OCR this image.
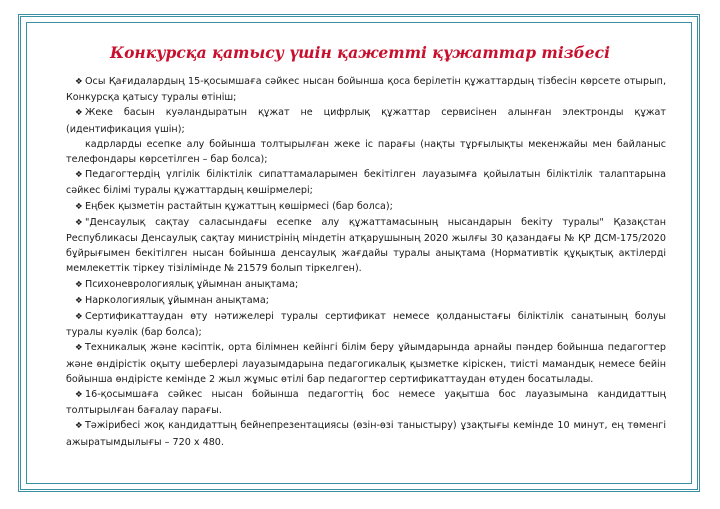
Конкурсқа қатысу үшін қажетті құжаттар тізбесі

❖ Осы Қағидалардың 15-қосымшаға сәйкес нысан бойынша қоса берілетін құжаттардың тізбесін көрсете отырып, Конкурсқа қатысу туралы өтініш;

❖ Жеке басын куәландыратын құжат не цифрлық құжаттар сервисінен алынған электронды құжат (идентификация үшін);

кадрларды есепке алу бойынша толтырылған жеке іс парағы (нақты тұрғылықты мекенжайы мен байланыс телефондары көрсетілген – бар болса);

❖ Педагогтердің үлгілік біліктілік сипаттамаларымен бекітілген лауазымға қойылатын біліктілік талаптарына сәйкес білімі туралы құжаттардың көшірмелері;

❖ Еңбек қызметін растайтын құжаттың көшірмесі (бар болса);

❖ "Денсаулық сақтау саласындағы есепке алу құжаттамасының нысандарын бекіту туралы" Қазақстан Республикасы Денсаулық сақтау министрінің міндетін атқарушының 2020 жылғы 30 қазандағы № ҚР ДСМ-175/2020 бұйрығымен бекітілген нысан бойынша денсаулық жағдайы туралы анықтама (Нормативтік құқықтық актілерді мемлекеттік тіркеу тізілімінде № 21579 болып тіркелген).

❖ Психоневрологиялық ұйымнан анықтама;

❖ Наркологиялық ұйымнан анықтама;

❖ Сертификаттаудан өту нәтижелері туралы сертификат немесе қолданыстағы біліктілік санатының болуы туралы куәлік (бар болса);

❖ Техникалық және кәсіптік, орта білімнен кейінгі білім беру ұйымдарында арнайы пәндер бойынша педагогтер және өндірістік оқыту шеберлері лауазымдарына педагогикалық қызметке кіріскен, тиісті мамандық немесе бейін бойынша өндірісте кемінде 2 жыл жұмыс өтілі бар педагогтер сертификаттаудан өтуден босатылады.

❖ 16-қосымшаға сәйкес нысан бойынша педагогтің бос немесе уақытша бос лауазымына кандидаттың толтырылған бағалау парағы.

❖ Тәжірибесі жоқ кандидаттың бейнепрезентациясы (өзін-өзі таныстыру) ұзақтығы кемінде 10 минут, ең төменгі ажыратымдылығы – 720 х 480.
